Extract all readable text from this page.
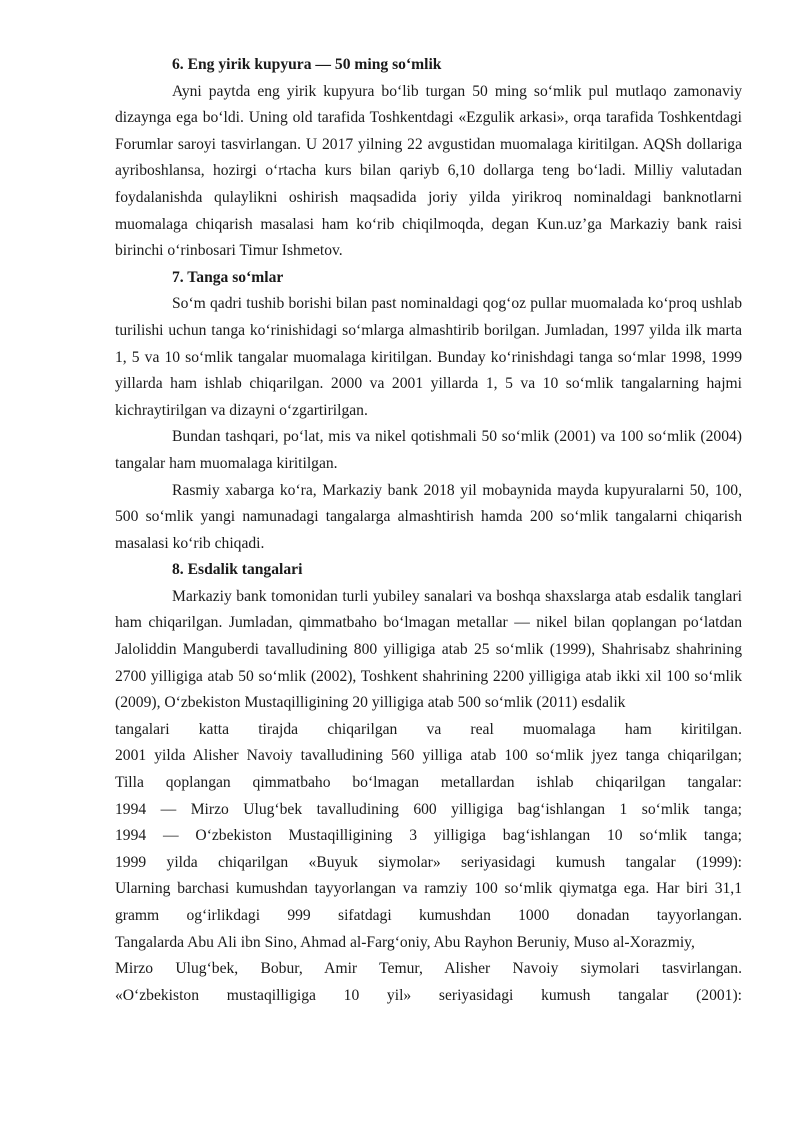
6. Eng yirik kupyura — 50 ming so‘mlik

Ayni paytda eng yirik kupyura bo‘lib turgan 50 ming so‘mlik pul mutlaqo zamonaviy dizaynga ega bo‘ldi. Uning old tarafida Toshkentdagi «Ezgulik arkasi», orqa tarafida Toshkentdagi Forumlar saroyi tasvirlangan. U 2017 yilning 22 avgustidan muomalaga kiritilgan. AQSh dollariga ayriboshlansa, hozirgi o‘rtacha kurs bilan qariyb 6,10 dollarga teng bo‘ladi. Milliy valutadan foydalanishda qulaylikni oshirish maqsadida joriy yilda yirikroq nominaldagi banknotlarni muomalaga chiqarish masalasi ham ko‘rib chiqilmoqda, degan Kun.uz’ga Markaziy bank raisi birinchi o‘rinbosari Timur Ishmetov.

7. Tanga so‘mlar

So‘m qadri tushib borishi bilan past nominaldagi qog‘oz pullar muomalada ko‘proq ushlab turilishi uchun tanga ko‘rinishidagi so‘mlarga almashtirib borilgan. Jumladan, 1997 yilda ilk marta 1, 5 va 10 so‘mlik tangalar muomalaga kiritilgan. Bunday ko‘rinishdagi tanga so‘mlar 1998, 1999 yillarda ham ishlab chiqarilgan. 2000 va 2001 yillarda 1, 5 va 10 so‘mlik tangalarning hajmi kichraytirilgan va dizayni o‘zgartirilgan.

Bundan tashqari, po‘lat, mis va nikel qotishmali 50 so‘mlik (2001) va 100 so‘mlik (2004) tangalar ham muomalaga kiritilgan.

Rasmiy xabarga ko‘ra, Markaziy bank 2018 yil mobaynida mayda kupyuralarni 50, 100, 500 so‘mlik yangi namunadagi tangalarga almashtirish hamda 200 so‘mlik tangalarni chiqarish masalasi ko‘rib chiqadi.

8. Esdalik tangalari

Markaziy bank tomonidan turli yubiley sanalari va boshqa shaxslarga atab esdalik tanglari ham chiqarilgan. Jumladan, qimmatbaho bo‘lmagan metallar — nikel bilan qoplangan po‘latdan Jaloliddin Manguberdi tavalludining 800 yilligiga atab 25 so‘mlik (1999), Shahrisabz shahrining 2700 yilligiga atab 50 so‘mlik (2002), Toshkent shahrining 2200 yilligiga atab ikki xil 100 so‘mlik (2009), O‘zbekiston Mustaqilligining 20 yilligiga atab 500 so‘mlik (2011) esdalik

tangalari katta tirajda chiqarilgan va real muomalaga ham kiritilgan.
2001 yilda Alisher Navoiy tavalludining 560 yilliga atab 100 so‘mlik jyez tanga chiqarilgan;
Tilla qoplangan qimmatbaho bo‘lmagan metallardan ishlab chiqarilgan tangalar:
1994 — Mirzo Ulug‘bek tavalludining 600 yilligiga bag‘ishlangan 1 so‘mlik tanga;
1994 — O‘zbekiston Mustaqilligining 3 yilligiga bag‘ishlangan 10 so‘mlik tanga;
1999 yilda chiqarilgan «Buyuk siymolar» seriyasidagi kumush tangalar (1999):
Ularning barchasi kumushdan tayyorlangan va ramziy 100 so‘mlik qiymatga ega. Har biri 31,1
gramm og‘irlikdagi 999 sifatdagi kumushdan 1000 donadan tayyorlangan.
Tangalarda Abu Ali ibn Sino, Ahmad al-Farg‘oniy, Abu Rayhon Beruniy, Muso al-Xorazmiy,
Mirzo Ulug‘bek, Bobur, Amir Temur, Alisher Navoiy siymolari tasvirlangan.
«O‘zbekiston mustaqilligiga 10 yil» seriyasidagi kumush tangalar (2001):
